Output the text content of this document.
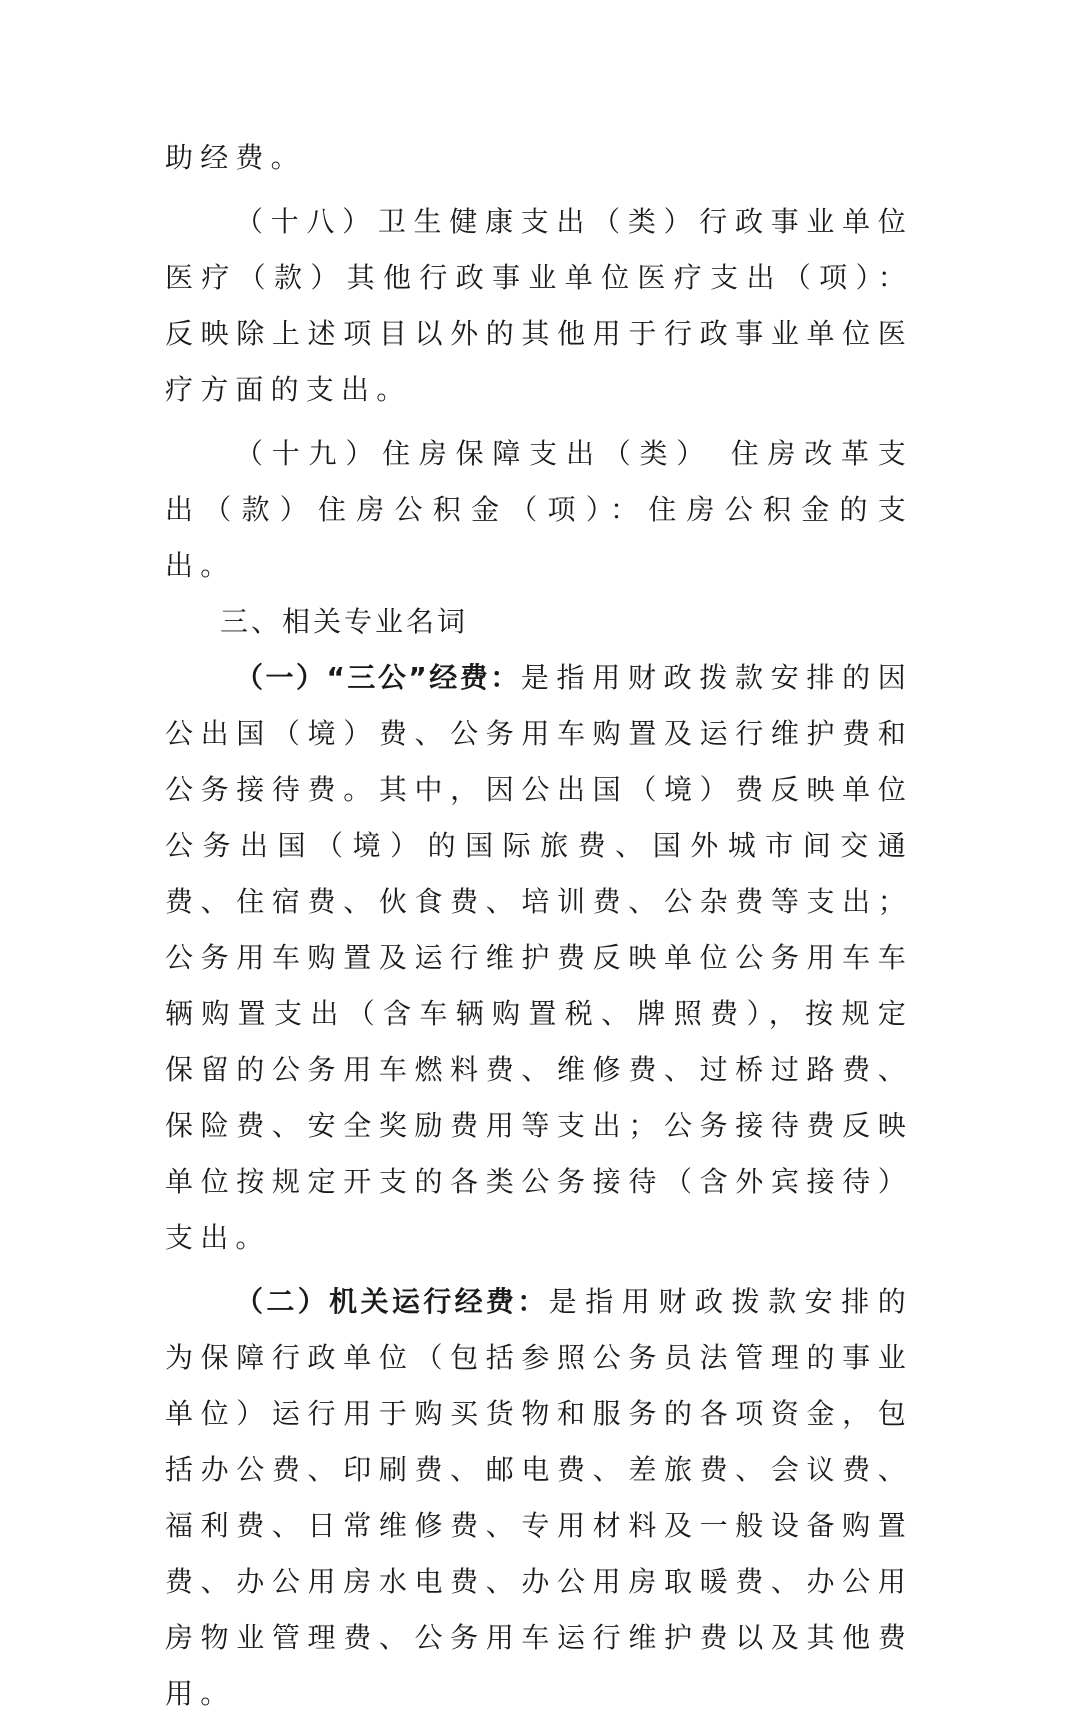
助经费。

（十八）卫生健康支出（类）行政事业单位医疗（款）其他行政事业单位医疗支出（项）：反映除上述项目以外的其他用于行政事业单位医疗方面的支出。

（十九）住房保障支出（类） 住房改革支出（款）住房公积金（项）：住房公积金的支出。

三、相关专业名词

（一）“三公”经费：是指用财政拨款安排的因公出国（境）费、公务用车购置及运行维护费和公务接待费。其中，因公出国（境）费反映单位公务出国（境）的国际旅费、国外城市间交通费、住宿费、伙食费、培训费、公杂费等支出；公务用车购置及运行维护费反映单位公务用车车辆购置支出（含车辆购置税、牌照费），按规定保留的公务用车燃料费、维修费、过桥过路费、保险费、安全奖励费用等支出；公务接待费反映单位按规定开支的各类公务接待（含外宾接待）支出。

（二）机关运行经费：是指用财政拨款安排的为保障行政单位（包括参照公务员法管理的事业单位）运行用于购买货物和服务的各项资金，包括办公费、印刷费、邮电费、差旅费、会议费、福利费、日常维修费、专用材料及一般设备购置费、办公用房水电费、办公用房取暖费、办公用房物业管理费、公务用车运行维护费以及其他费用。
